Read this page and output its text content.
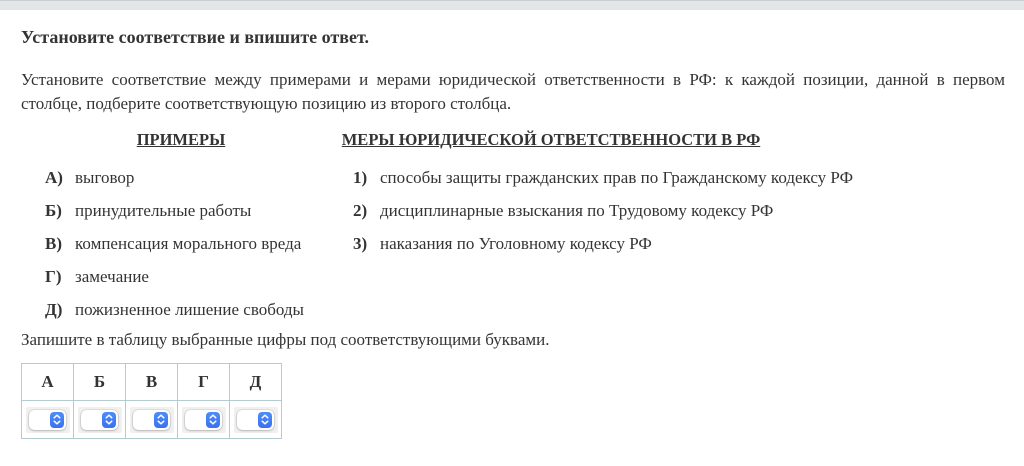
Установите соответствие и впишите ответ.
Установите соответствие между примерами и мерами юридической ответственности в РФ: к каждой позиции, данной в первом столбце, подберите соответствующую позицию из второго столбца.
ПРИМЕРЫ
А) выговор
Б) принудительные работы
В) компенсация морального вреда
Г) замечание
Д) пожизненное лишение свободы
МЕРЫ ЮРИДИЧЕСКОЙ ОТВЕТСТВЕННОСТИ В РФ
1) способы защиты гражданских прав по Гражданскому кодексу РФ
2) дисциплинарные взыскания по Трудовому кодексу РФ
3) наказания по Уголовному кодексу РФ
Запишите в таблицу выбранные цифры под соответствующими буквами.
А	Б	В	Г	Д
